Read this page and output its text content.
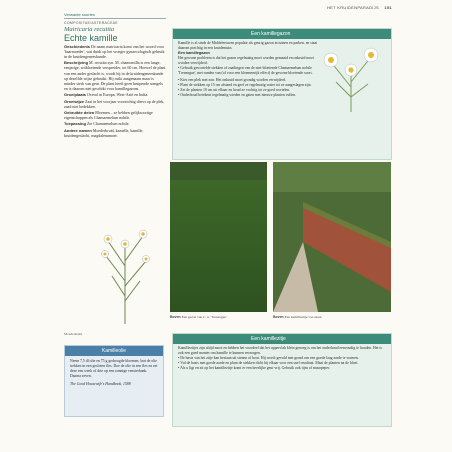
HET KRUIDENPARADIJS 151
Verwante soorten
COMPOSITAE/ASTERACEAE
Matricaria recutita
Echte kamille

Geschiedenis De naam matricaria komt van het woord voor 'baarmoeder', wat duidt op het vroeger gynaecologisch gebruik in de kruidengeneeskunde.

Beschrijving M. recutita syn. M. chamomilla is een lange, eenjarige, witbloeiende verspreider, tot 60 cm. Hoewel de plant van een ander geslacht is, wordt hij in de kruidengeneeskunde op dezelfde wijze gebruikt. Hij ruikt aangenaam maar is minder sterk van geur. De plant heeft geen kruipende stengels en is daarom niet geschikt voor kamillegazons.

Groeiplaats Overal in Europa, West-Azië en India.

Groeiwijze Zaai in het voorjaar voorzichtig direct op de plek, zaad niet bedekken.

Gebruikte delen Bloemen – ze hebben gelijksoortige eigenschappen als Chamaemelum nobile.

Toepassing Zie Chamaemelum nobile.

Andere namen Moederkruid, kamelle, kamille, kruidengeslacht, magdalenamoer.

Moederkruid
Kamilleolie
Neem 7,5 dl olie en 75 g gedroogde bloemen, laat de olie trekken in een gesloten fles. Doe de olie in een fles en zet deze een week of drie op een zonnige vensterbank. Daarna zeven.
The Good Housewife's Handbook, 1588
Een kamillegazon
Kamille is al sinds de Middeleeuwen populair als geurig gazon in tuinen en parken, en staat daarom prachtig in een kruidentuin.
Een kamillegazon
Het gewone probleem is dat het gazon regelmatig moet worden gemaaid en onkruid moet worden verwijderd.
• Gebruik gewortelde stekken of zaailingen van de niet-bloeiende Chamaemelum nobile 'Treneague', met randen van (of voor een bloemenrijk effect) de gewone bloeiende soort.
• Kies een plek met zon. Het onkruid moet grondig worden verwijderd.
• Plant de stekken op 15 cm afstand en geef ze regelmatig water tot ze aangeslagen zijn.
• Zet de planten 10 cm uit elkaar en houd ze vochtig tot ze goed wortelen.
• Onderhoud betekent regelmatig wieden en gaten met nieuwe planten vullen.
Boven Een gazon van C. n. 'Treneague'.	Boven Een kamillezitje van steen.
Een kamillezitje
Kamillezitjes zijn altijd mooi en hebben het voordeel dat het oppervlak klein genoeg is om het onderhoud eenvoudig te houden. Het is ook een goed manier om kamille te kunnen verzorgen.
• De basis van het zitje kan bestaan uit stenen of hout. Hij wordt gevuld met grond om een goede laag aarde te vormen.
• Vul de basis met goede aarde en plant de stekken dicht bij elkaar voor een snel resultaat. Maai de planten na de bloei.
• Als u ligt en zit op het kamillezitje komt er een heerlijke geur vrij. Gebruik ook tijm of muurpeper.
